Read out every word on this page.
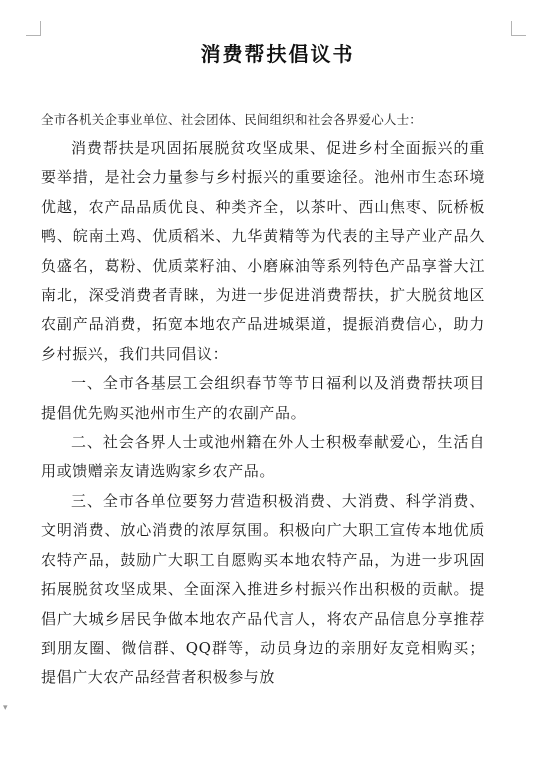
▾
消费帮扶倡议书

全市各机关企事业单位、社会团体、民间组织和社会各界爱心人士：

消费帮扶是巩固拓展脱贫攻坚成果、促进乡村全面振兴的重要举措，是社会力量参与乡村振兴的重要途径。池州市生态环境优越，农产品品质优良、种类齐全，以茶叶、西山焦枣、阮桥板鸭、皖南土鸡、优质稻米、九华黄精等为代表的主导产业产品久负盛名，葛粉、优质菜籽油、小磨麻油等系列特色产品享誉大江南北，深受消费者青睐，为进一步促进消费帮扶，扩大脱贫地区农副产品消费，拓宽本地农产品进城渠道，提振消费信心，助力乡村振兴，我们共同倡议：

一、全市各基层工会组织春节等节日福利以及消费帮扶项目提倡优先购买池州市生产的农副产品。

二、社会各界人士或池州籍在外人士积极奉献爱心，生活自用或馈赠亲友请选购家乡农产品。

三、全市各单位要努力营造积极消费、大消费、科学消费、文明消费、放心消费的浓厚氛围。积极向广大职工宣传本地优质农特产品，鼓励广大职工自愿购买本地农特产品，为进一步巩固拓展脱贫攻坚成果、全面深入推进乡村振兴作出积极的贡献。提倡广大城乡居民争做本地农产品代言人，将农产品信息分享推荐到朋友圈、微信群、QQ群等，动员身边的亲朋好友竞相购买；提倡广大农产品经营者积极参与放
